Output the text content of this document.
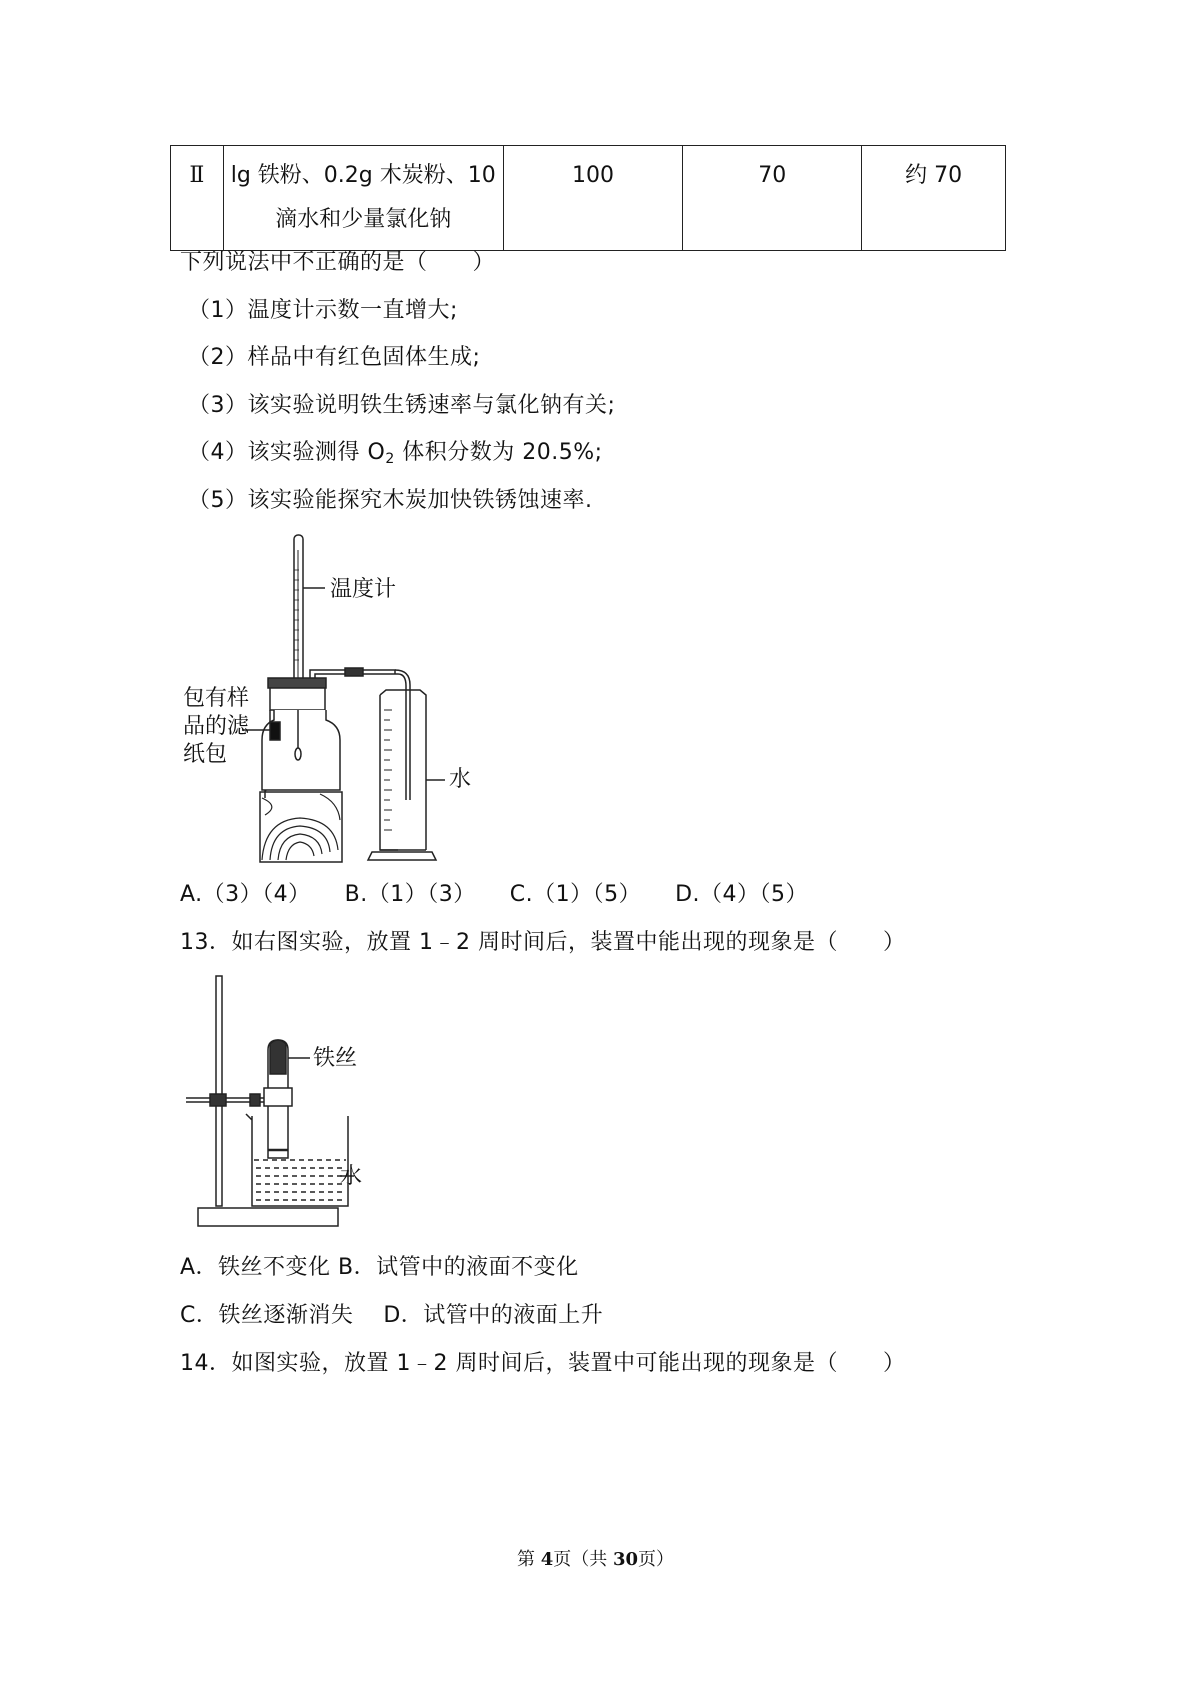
Ⅱ	lg 铁粉、0.2g 木炭粉、10
滴水和少量氯化钠
	100	70	约 70
下列说法中不正确的是（　　）
（1）温度计示数一直增大;
（2）样品中有红色固体生成;
（3）该实验说明铁生锈速率与氯化钠有关;
（4）该实验测得 $O_2$ 体积分数为 20.5%;
（5）该实验能探究木炭加快铁锈蚀速率.
温度计
包有样
品的滤
纸包
水
A.（3）（4）　　B.（1）（3）　　C.（1）（5）　　D.（4）（5）
13．如右图实验，放置 1﹣2 周时间后，装置中能出现的现象是（　　）
铁丝
水
A．铁丝不变化 B．试管中的液面不变化
C．铁丝逐渐消失　 D．试管中的液面上升
14．如图实验，放置 1﹣2 周时间后，装置中可能出现的现象是（　　）
第 4页（共 30页）
